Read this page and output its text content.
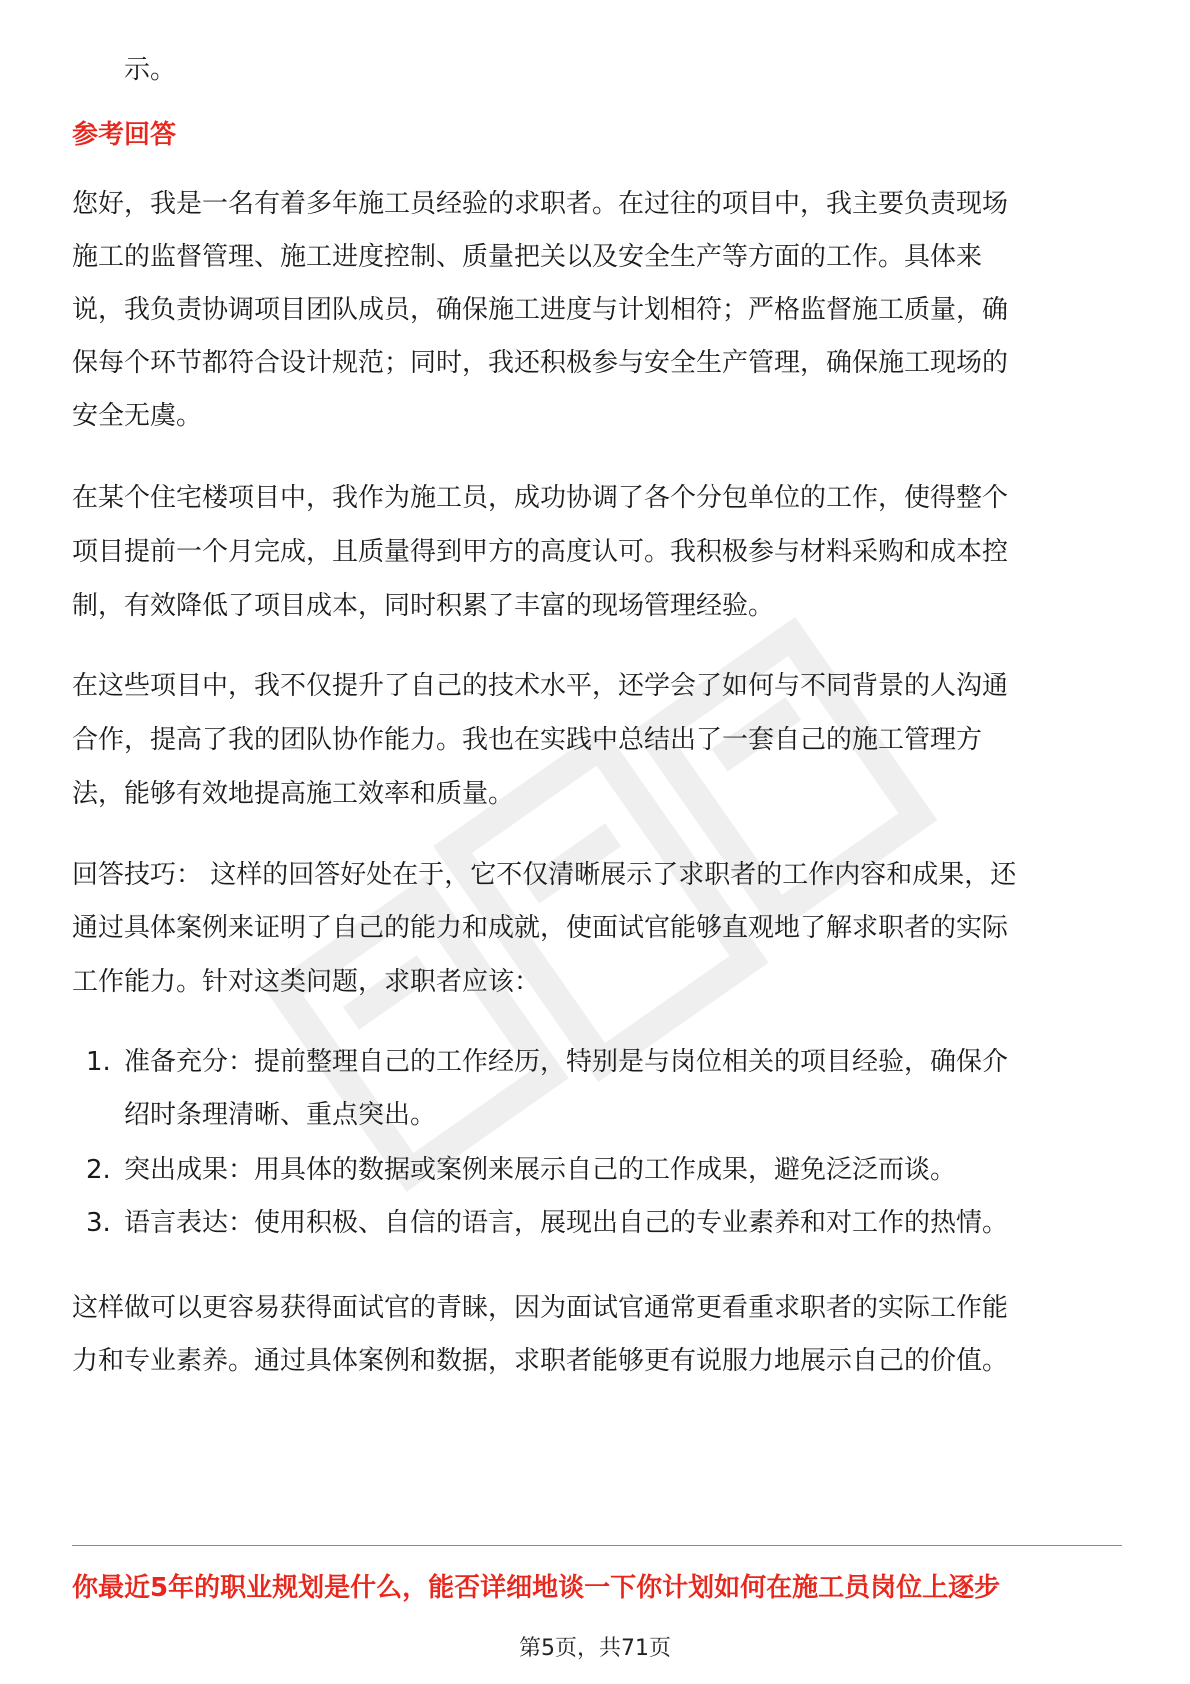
示。
参考回答
您好，我是一名有着多年施工员经验的求职者。在过往的项目中，我主要负责现场
施工的监督管理、施工进度控制、质量把关以及安全生产等方面的工作。具体来
说，我负责协调项目团队成员，确保施工进度与计划相符；严格监督施工质量，确
保每个环节都符合设计规范；同时，我还积极参与安全生产管理，确保施工现场的
安全无虞。
在某个住宅楼项目中，我作为施工员，成功协调了各个分包单位的工作，使得整个
项目提前一个月完成，且质量得到甲方的高度认可。我积极参与材料采购和成本控
制，有效降低了项目成本，同时积累了丰富的现场管理经验。
在这些项目中，我不仅提升了自己的技术水平，还学会了如何与不同背景的人沟通
合作，提高了我的团队协作能力。我也在实践中总结出了一套自己的施工管理方
法，能够有效地提高施工效率和质量。
回答技巧： 这样的回答好处在于，它不仅清晰展示了求职者的工作内容和成果，还
通过具体案例来证明了自己的能力和成就，使面试官能够直观地了解求职者的实际
工作能力。针对这类问题，求职者应该：
1. 准备充分：提前整理自己的工作经历，特别是与岗位相关的项目经验，确保介
绍时条理清晰、重点突出。
2. 突出成果：用具体的数据或案例来展示自己的工作成果，避免泛泛而谈。
3. 语言表达：使用积极、自信的语言，展现出自己的专业素养和对工作的热情。
这样做可以更容易获得面试官的青睐，因为面试官通常更看重求职者的实际工作能
力和专业素养。通过具体案例和数据，求职者能够更有说服力地展示自己的价值。
你最近5年的职业规划是什么，能否详细地谈一下你计划如何在施工员岗位上逐步
第5页，共71页
